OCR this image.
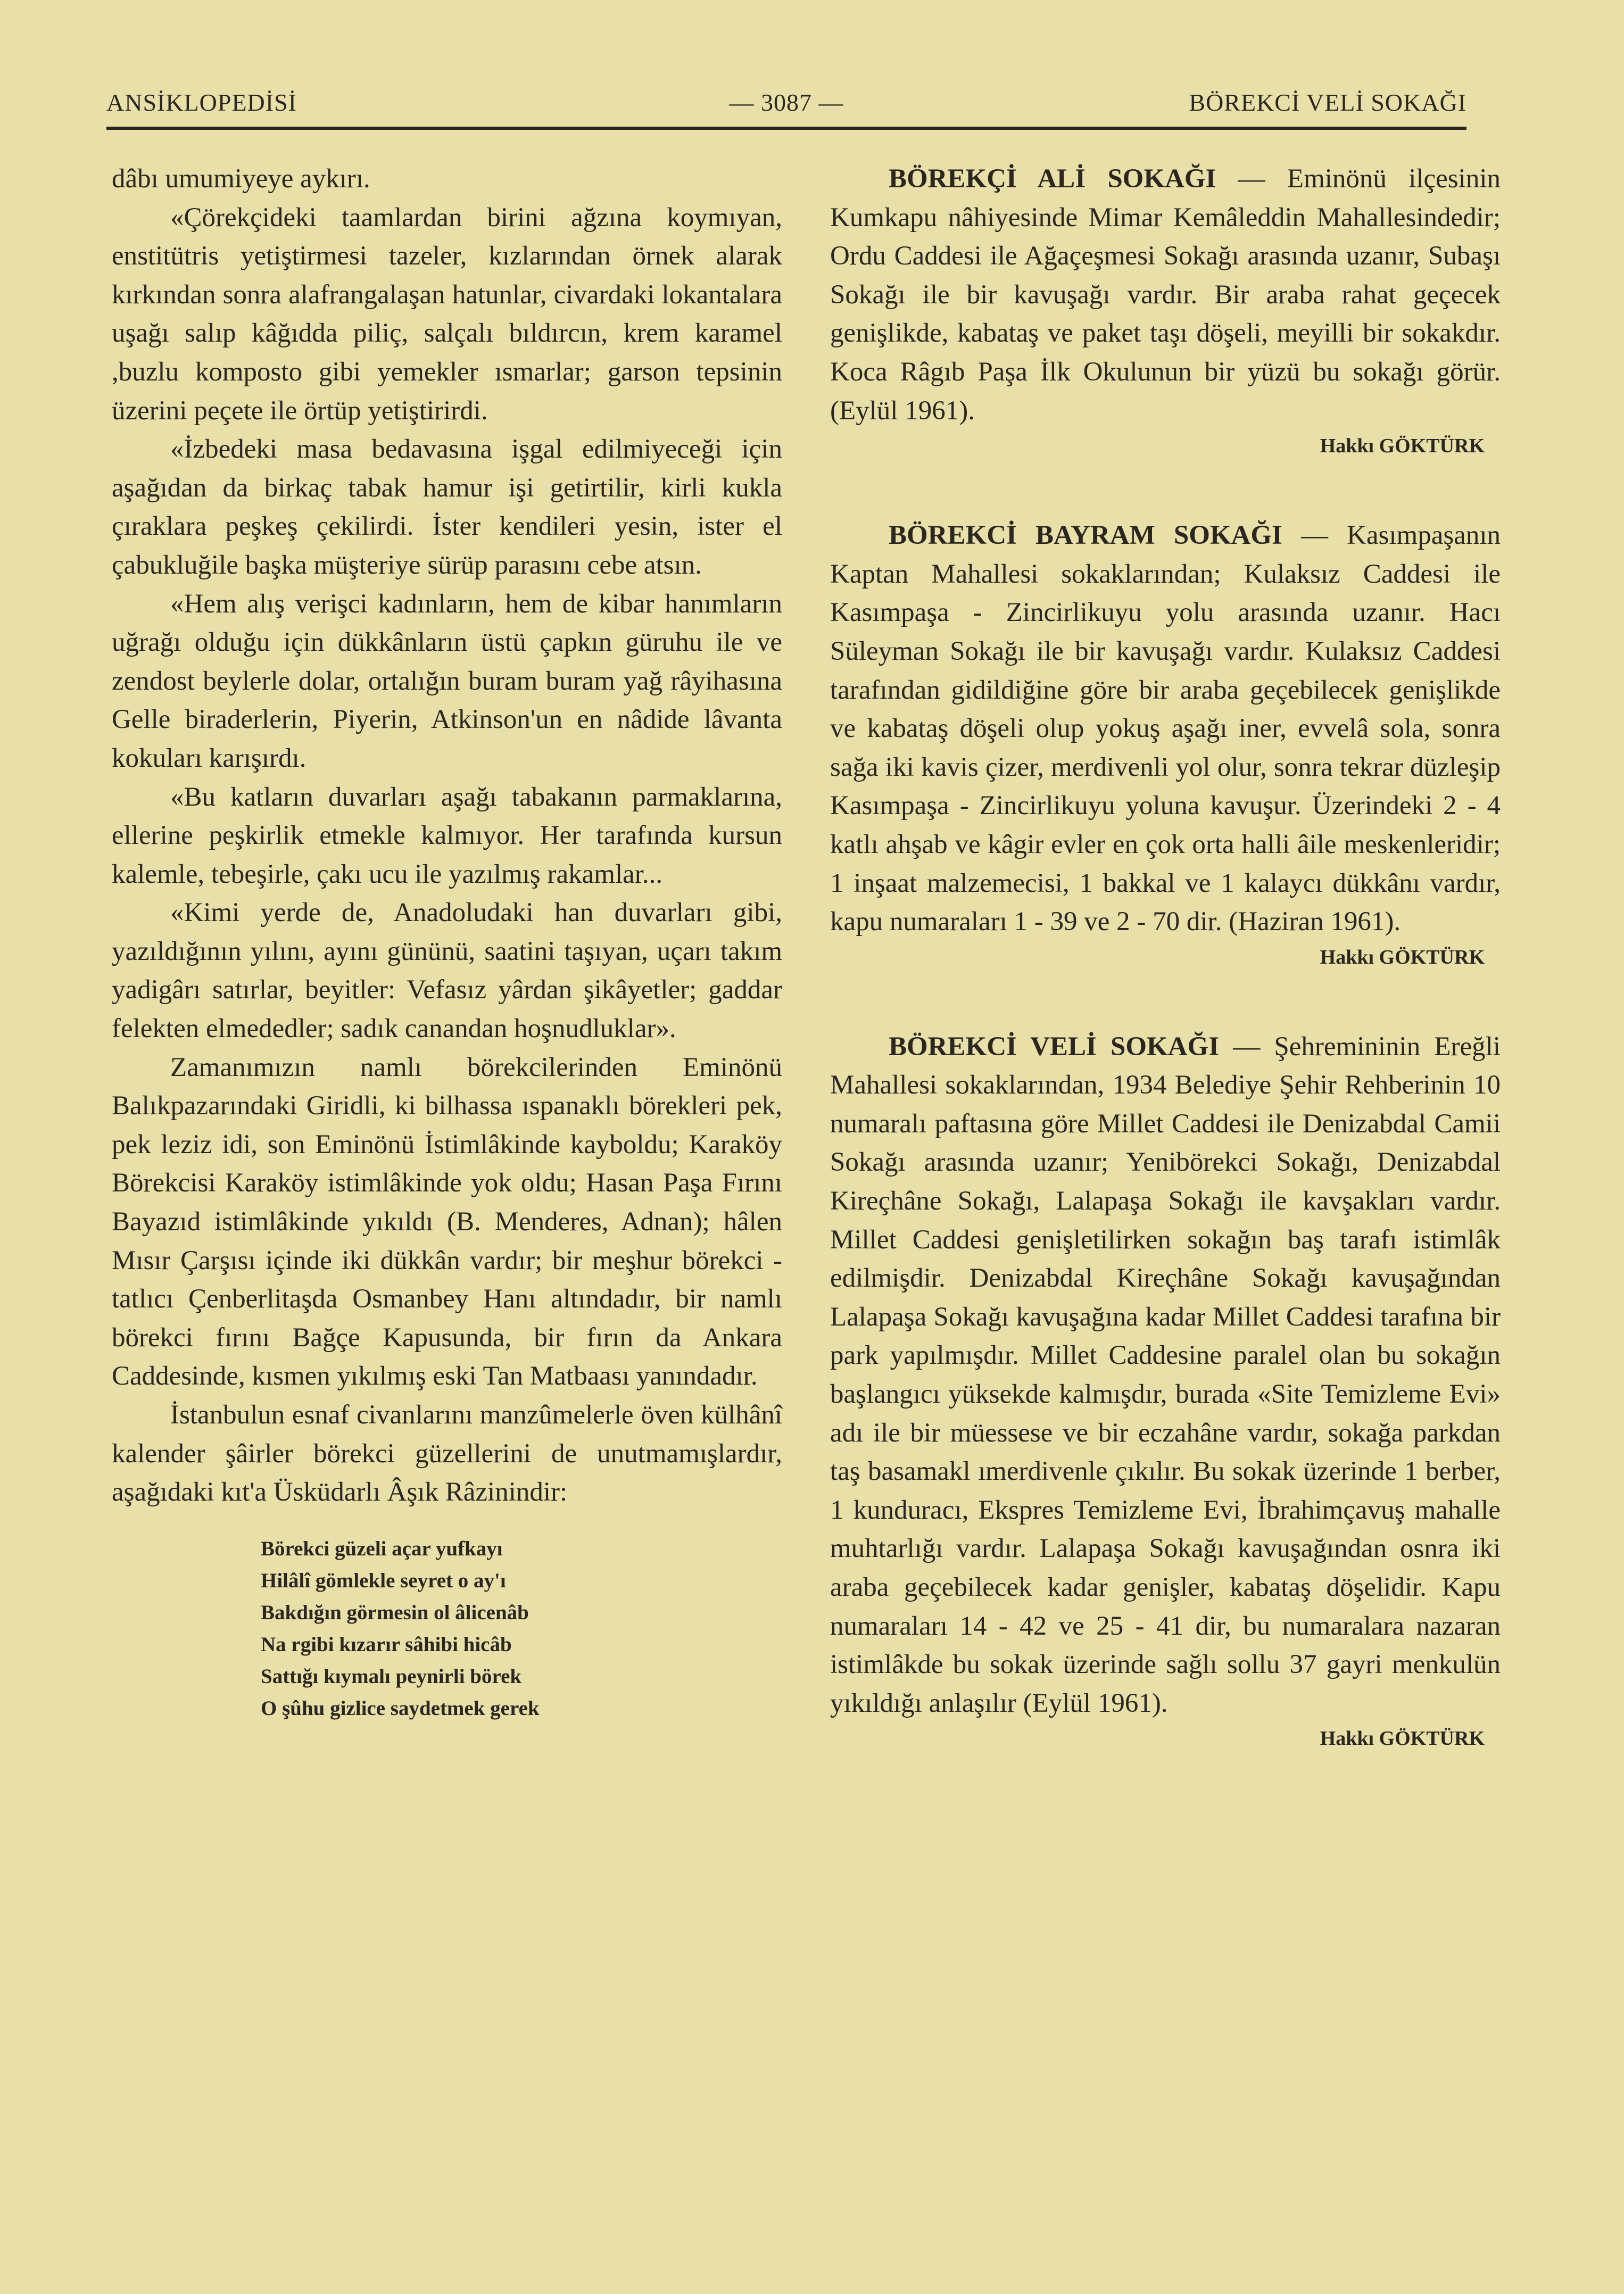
ANSİKLOPEDİSİ	— 3087 —	BÖREKCİ VELİ SOKAĞI

dâbı umumiyeye aykırı.

«Çörekçideki taamlardan birini ağzına koymıyan, enstitütris yetiştirmesi tazeler, kızlarından örnek alarak kırkından sonra alafrangalaşan hatunlar, civardaki lokantalara uşağı salıp kâğıdda piliç, salçalı bıldırcın, krem karamel ,buzlu komposto gibi yemekler ısmarlar; garson tepsinin üzerini peçete ile örtüp yetiştirirdi.

«İzbedeki masa bedavasına işgal edilmiyeceği için aşağıdan da birkaç tabak hamur işi getirtilir, kirli kukla çıraklara peşkeş çekilirdi. İster kendileri yesin, ister el çabukluğile başka müşteriye sürüp parasını cebe atsın.

«Hem alış verişci kadınların, hem de kibar hanımların uğrağı olduğu için dükkânların üstü çapkın güruhu ile ve zendost beylerle dolar, ortalığın buram buram yağ râyihasına Gelle biraderlerin, Piyerin, Atkinson'un en nâdide lâvanta kokuları karışırdı.

«Bu katların duvarları aşağı tabakanın parmaklarına, ellerine peşkirlik etmekle kalmıyor. Her tarafında kursun kalemle, tebeşirle, çakı ucu ile yazılmış rakamlar...

«Kimi yerde de, Anadoludaki han duvarları gibi, yazıldığının yılını, ayını gününü, saatini taşıyan, uçarı takım yadigârı satırlar, beyitler: Vefasız yârdan şikâyetler; gaddar felekten elmededler; sadık canandan hoşnudluklar».

Zamanımızın namlı börekcilerinden Eminönü Balıkpazarındaki Giridli, ki bilhassa ıspanaklı börekleri pek, pek leziz idi, son Eminönü İstimlâkinde kayboldu; Karaköy Börekcisi Karaköy istimlâkinde yok oldu; Hasan Paşa Fırını Bayazıd istimlâkinde yıkıldı (B. Menderes, Adnan); hâlen Mısır Çarşısı içinde iki dükkân vardır; bir meşhur börekci - tatlıcı Çenberlitaşda Osmanbey Hanı altındadır, bir namlı börekci fırını Bağçe Kapusunda, bir fırın da Ankara Caddesinde, kısmen yıkılmış eski Tan Matbaası yanındadır.

İstanbulun esnaf civanlarını manzûmelerle öven külhânî kalender şâirler börekci güzellerini de unutmamışlardır, aşağıdaki kıt'a Üsküdarlı Âşık Râzinindir:

Börekci güzeli açar yufkayı
Hilâlî gömlekle seyret o ay'ı
Bakdığın görmesin ol âlicenâb
Na rgibi kızarır sâhibi hicâb
Sattığı kıymalı peynirli börek
O şûhu gizlice saydetmek gerek

BÖREKÇİ ALİ SOKAĞI — Eminönü ilçesinin Kumkapu nâhiyesinde Mimar Kemâleddin Mahallesindedir; Ordu Caddesi ile Ağaçeşmesi Sokağı arasında uzanır, Subaşı Sokağı ile bir kavuşağı vardır. Bir araba rahat geçecek genişlikde, kabataş ve paket taşı döşeli, meyilli bir sokakdır. Koca Râgıb Paşa İlk Okulunun bir yüzü bu sokağı görür. (Eylül 1961).

Hakkı GÖKTÜRK

BÖREKCİ BAYRAM SOKAĞI — Kasımpaşanın Kaptan Mahallesi sokaklarından; Kulaksız Caddesi ile Kasımpaşa - Zincirlikuyu yolu arasında uzanır. Hacı Süleyman Sokağı ile bir kavuşağı vardır. Kulaksız Caddesi tarafından gidildiğine göre bir araba geçebilecek genişlikde ve kabataş döşeli olup yokuş aşağı iner, evvelâ sola, sonra sağa iki kavis çizer, merdivenli yol olur, sonra tekrar düzleşip Kasımpaşa - Zincirlikuyu yoluna kavuşur. Üzerindeki 2 - 4 katlı ahşab ve kâgir evler en çok orta halli âile meskenleridir; 1 inşaat malzemecisi, 1 bakkal ve 1 kalaycı dükkânı vardır, kapu numaraları 1 - 39 ve 2 - 70 dir. (Haziran 1961).

Hakkı GÖKTÜRK

BÖREKCİ VELİ SOKAĞI — Şehremininin Ereğli Mahallesi sokaklarından, 1934 Belediye Şehir Rehberinin 10 numaralı paftasına göre Millet Caddesi ile Denizabdal Camii Sokağı arasında uzanır; Yenibörekci Sokağı, Denizabdal Kireçhâne Sokağı, Lalapaşa Sokağı ile kavşakları vardır. Millet Caddesi genişletilirken sokağın baş tarafı istimlâk edilmişdir. Denizabdal Kireçhâne Sokağı kavuşağından Lalapaşa Sokağı kavuşağına kadar Millet Caddesi tarafına bir park yapılmışdır. Millet Caddesine paralel olan bu sokağın başlangıcı yüksekde kalmışdır, burada «Site Temizleme Evi» adı ile bir müessese ve bir eczahâne vardır, sokağa parkdan taş basamakl ımerdivenle çıkılır. Bu sokak üzerinde 1 berber, 1 kunduracı, Ekspres Temizleme Evi, İbrahimçavuş mahalle muhtarlığı vardır. Lalapaşa Sokağı kavuşağından osnra iki araba geçebilecek kadar genişler, kabataş döşelidir. Kapu numaraları 14 - 42 ve 25 - 41 dir, bu numaralara nazaran istimlâkde bu sokak üzerinde sağlı sollu 37 gayri menkulün yıkıldığı anlaşılır (Eylül 1961).

Hakkı GÖKTÜRK
